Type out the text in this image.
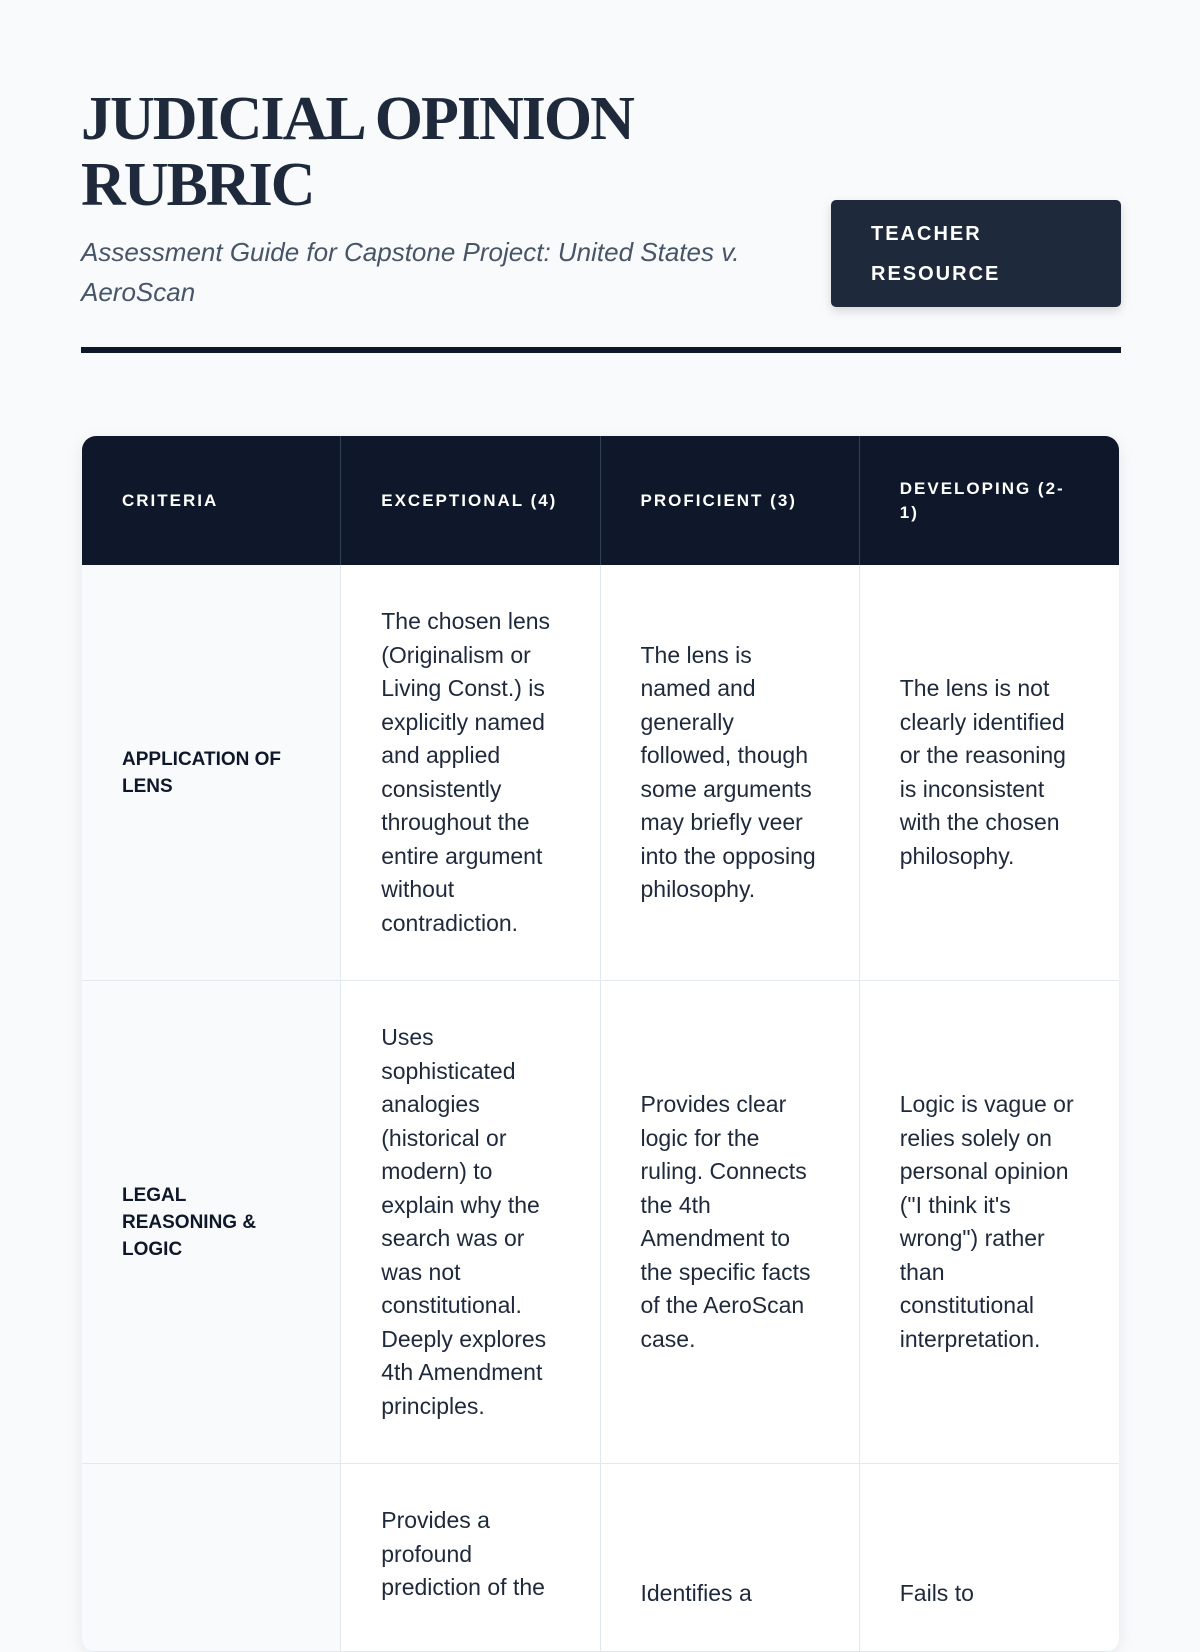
JUDICIAL OPINION RUBRIC
Assessment Guide for Capstone Project: United States v. AeroScan
TEACHER RESOURCE
CRITERIA	EXCEPTIONAL (4)	PROFICIENT (3)	DEVELOPING (2-1)
APPLICATION OF LENS	The chosen lens (Originalism or Living Const.) is explicitly named and applied consistently throughout the entire argument without contradiction.	The lens is named and generally followed, though some arguments may briefly veer into the opposing philosophy.	The lens is not clearly identified or the reasoning is inconsistent with the chosen philosophy.
LEGAL REASONING & LOGIC	Uses sophisticated analogies (historical or modern) to explain why the search was or was not constitutional. Deeply explores 4th Amendment principles.	Provides clear logic for the ruling. Connects the 4th Amendment to the specific facts of the AeroScan case.	Logic is vague or relies solely on personal opinion ("I think it's wrong") rather than constitutional interpretation.
	Provides a profound prediction of the	Identifies a	Fails to
